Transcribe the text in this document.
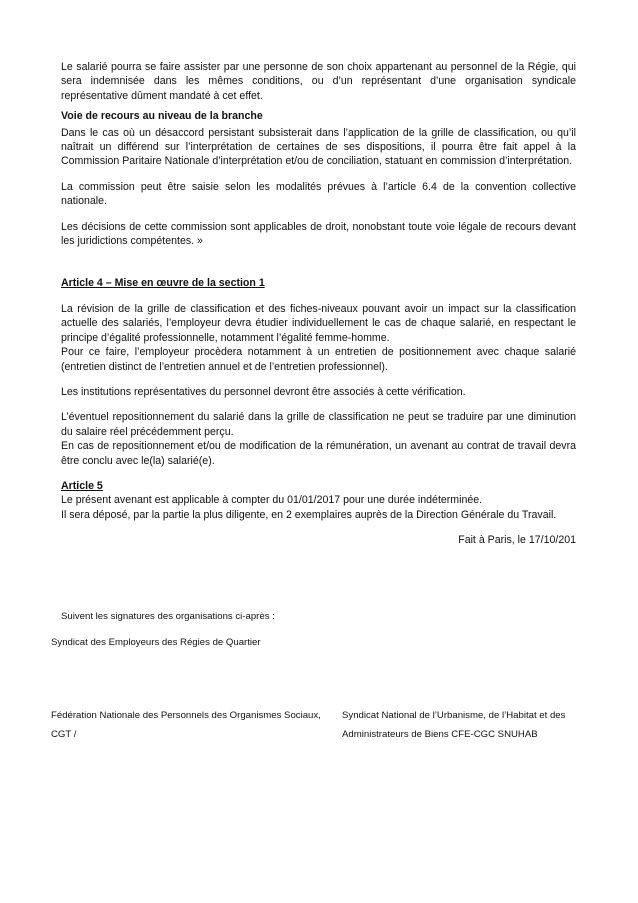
Le salarié pourra se faire assister par une personne de son choix appartenant au personnel de la Régie, qui sera indemnisée dans les mêmes conditions, ou d’un représentant d’une organisation syndicale représentative dûment mandaté à cet effet.

Voie de recours au niveau de la branche

Dans le cas où un désaccord persistant subsisterait dans l’application de la grille de classification, ou qu’il naîtrait un différend sur l’interprétation de certaines de ses dispositions, il pourra être fait appel à la Commission Paritaire Nationale d’interprétation et/ou de conciliation, statuant en commission d’interprétation.

La commission peut être saisie selon les modalités prévues à l’article 6.4 de la convention collective nationale.

Les décisions de cette commission sont applicables de droit, nonobstant toute voie légale de recours devant les juridictions compétentes. »

Article 4 – Mise en œuvre de la section 1

La révision de la grille de classification et des fiches-niveaux pouvant avoir un impact sur la classification actuelle des salariés, l’employeur devra étudier individuellement le cas de chaque salarié, en respectant le principe d’égalité professionnelle, notamment l’égalité femme-homme.

Pour ce faire, l’employeur procèdera notamment à un entretien de positionnement avec chaque salarié (entretien distinct de l’entretien annuel et de l’entretien professionnel).

Les institutions représentatives du personnel devront être associés à cette vérification.

L’éventuel repositionnement du salarié dans la grille de classification ne peut se traduire par une diminution du salaire réel précédemment perçu.

En cas de repositionnement et/ou de modification de la rémunération, un avenant au contrat de travail devra être conclu avec le(la) salarié(e).

Article 5

Le présent avenant est applicable à compter du 01/01/2017 pour une durée indéterminée.

Il sera déposé, par la partie la plus diligente, en 2 exemplaires auprès de la Direction Générale du Travail.

Fait à Paris, le 17/10/201

Suivent les signatures des organisations ci-après :
Syndicat des Employeurs des Régies de Quartier
Fédération Nationale des Personnels des Organismes Sociaux,
CGT /
Syndicat National de l’Urbanisme, de l’Habitat et des
Administrateurs de Biens CFE-CGC SNUHAB
